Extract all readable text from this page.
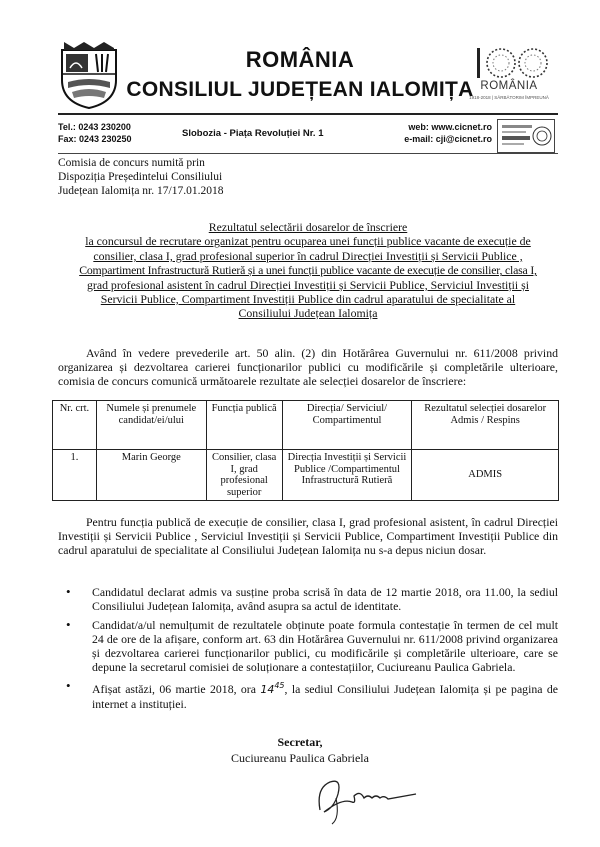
ROMÂNIA
CONSILIUL JUDEȚEAN IALOMIȚA ROMÂNIA
1918-2018 | SĂRBĂTORIM ÎMPREUNĂ
Tel.: 0243 230200
Fax: 0243 230250	Slobozia - Piața Revoluției Nr. 1
web: www.cicnet.ro
e-mail: cji@cicnet.ro
Comisia de concurs numită prin
Dispoziția Președintelui Consiliului
Județean Ialomița nr. 17/17.01.2018
Rezultatul selectării dosarelor de înscriere
la concursul de recrutare organizat pentru ocuparea unei funcții publice vacante de execuție de
consilier, clasa I, grad profesional superior în cadrul Direcției Investiții și Servicii Publice ,
Compartiment Infrastructură Rutieră și a unei funcții publice vacante de execuție de consilier, clasa I,
grad profesional asistent în cadrul Direcției Investiții și Servicii Publice, Serviciul Investiții și
Servicii Publice, Compartiment Investiții Publice din cadrul aparatului de specialitate al
Consiliului Județean Ialomița
Având în vedere prevederile art. 50 alin. (2) din Hotărârea Guvernului nr. 611/2008 privind organizarea și dezvoltarea carierei funcționarilor publici cu modificările și completările ulterioare, comisia de concurs comunică următoarele rezultate ale selecției dosarelor de înscriere:
Nr. crt.	Numele și prenumele candidat/ei/ului	Funcția publică	Direcția/ Serviciul/ Compartimentul	Rezultatul selecției dosarelor Admis / Respins
1.	Marin George	Consilier, clasa I, grad profesional superior	Direcția Investiții și Servicii Publice /Compartimentul Infrastructură Rutieră	ADMIS
Pentru funcția publică de execuție de consilier, clasa I, grad profesional asistent, în cadrul Direcției Investiții și Servicii Publice , Serviciul Investiții și Servicii Publice, Compartiment Investiții Publice din cadrul aparatului de specialitate al Consiliului Județean Ialomița nu s-a depus niciun dosar.
• Candidatul declarat admis va susține proba scrisă în data de 12 martie 2018, ora 11.00, la sediul Consiliului Județean Ialomița, având asupra sa actul de identitate.
• Candidat/a/ul nemulțumit de rezultatele obținute poate formula contestație în termen de cel mult 24 de ore de la afișare, conform art. 63 din Hotărârea Guvernului nr. 611/2008 privind organizarea și dezvoltarea carierei funcționarilor publici, cu modificările și completările ulterioare, care se depune la secretarul comisiei de soluționare a contestațiilor, Cuciureanu Paulica Gabriela.
• Afișat astăzi, 06 martie 2018, ora $14^{45}$, la sediul Consiliului Județean Ialomița și pe pagina de internet a instituției.
Secretar,
Cuciureanu Paulica Gabriela
